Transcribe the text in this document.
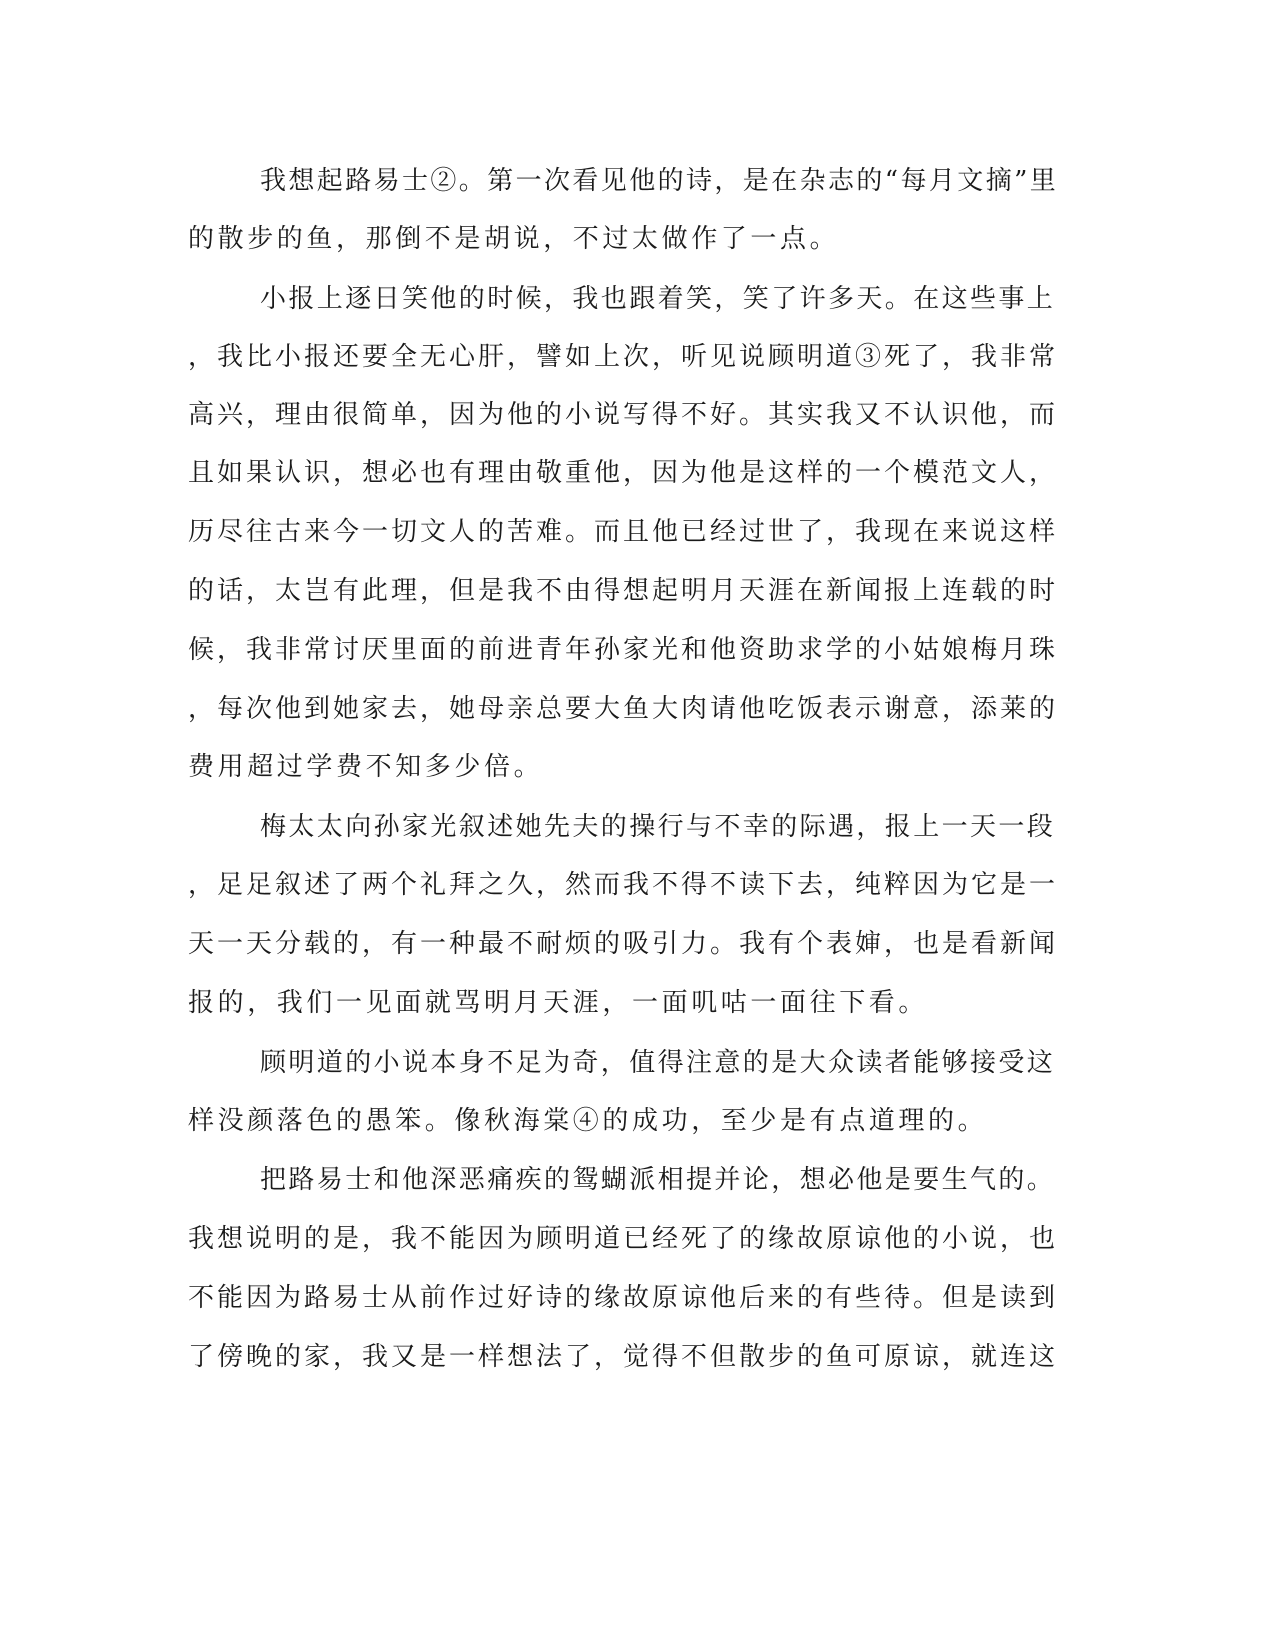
我想起路易士②。第一次看见他的诗，是在杂志的“每月文摘”里
的散步的鱼，那倒不是胡说，不过太做作了一点。
小报上逐日笑他的时候，我也跟着笑，笑了许多天。在这些事上
，我比小报还要全无心肝，譬如上次，听见说顾明道③死了，我非常
高兴，理由很简单，因为他的小说写得不好。其实我又不认识他，而
且如果认识，想必也有理由敬重他，因为他是这样的一个模范文人，
历尽往古来今一切文人的苦难。而且他已经过世了，我现在来说这样
的话，太岂有此理，但是我不由得想起明月天涯在新闻报上连载的时
候，我非常讨厌里面的前进青年孙家光和他资助求学的小姑娘梅月珠
，每次他到她家去，她母亲总要大鱼大肉请他吃饭表示谢意，添莱的
费用超过学费不知多少倍。
梅太太向孙家光叙述她先夫的操行与不幸的际遇，报上一天一段
，足足叙述了两个礼拜之久，然而我不得不读下去，纯粹因为它是一
天一天分载的，有一种最不耐烦的吸引力。我有个表婶，也是看新闻
报的，我们一见面就骂明月天涯，一面叽咕一面往下看。
顾明道的小说本身不足为奇，值得注意的是大众读者能够接受这
样没颜落色的愚笨。像秋海棠④的成功，至少是有点道理的。
把路易士和他深恶痛疾的鸳蝴派相提并论，想必他是要生气的。
我想说明的是，我不能因为顾明道已经死了的缘故原谅他的小说，也
不能因为路易士从前作过好诗的缘故原谅他后来的有些待。但是读到
了傍晚的家，我又是一样想法了，觉得不但散步的鱼可原谅，就连这
